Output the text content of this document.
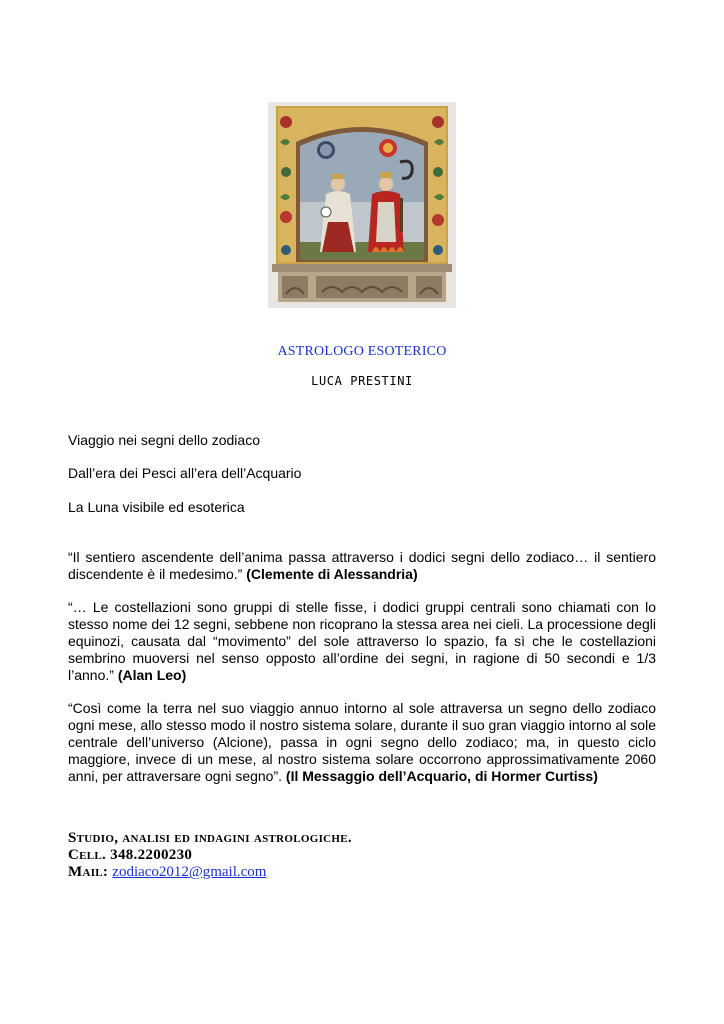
ASTROLOGO ESOTERICO
LUCA PRESTINI
Viaggio nei segni dello zodiaco
Dall’era dei Pesci all’era dell’Acquario
La Luna visibile ed esoterica
“Il sentiero ascendente dell’anima passa attraverso i dodici segni dello zodiaco… il sentiero discendente è il medesimo.” (Clemente di Alessandria)
“… Le costellazioni sono gruppi di stelle fisse, i dodici gruppi centrali sono chiamati con lo stesso nome dei 12 segni, sebbene non ricoprano la stessa area nei cieli. La processione degli equinozi, causata dal “movimento” del sole attraverso lo spazio, fa sì che le costellazioni sembrino muoversi nel senso opposto all’ordine dei segni, in ragione di 50 secondi e 1/3 l’anno.” (Alan Leo)
“Così come la terra nel suo viaggio annuo intorno al sole attraversa un segno dello zodiaco ogni mese, allo stesso modo il nostro sistema solare, durante il suo gran viaggio intorno al sole centrale dell’universo (Alcione), passa in ogni segno dello zodiaco; ma, in questo ciclo maggiore, invece di un mese, al nostro sistema solare occorrono approssimativamente 2060 anni, per attraversare ogni segno”. (Il Messaggio dell’Acquario, di Hormer Curtiss)
Studio, analisi ed indagini astrologiche.
Cell. 348.2200230
Mail: zodiaco2012@gmail.com
